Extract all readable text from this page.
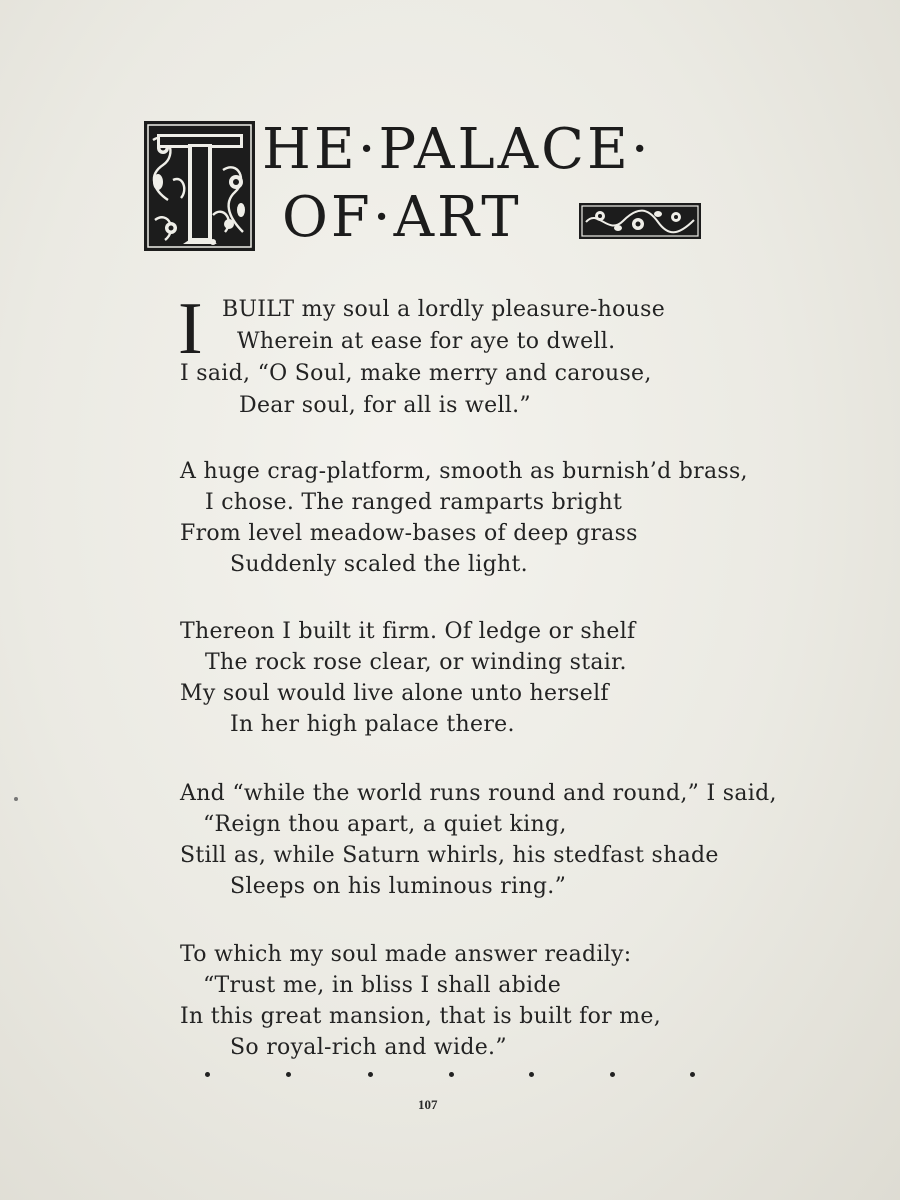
HE·PALACE·
OF·ART
I BUILT my soul a lordly pleasure-house
Wherein at ease for aye to dwell.
I said, “O Soul, make merry and carouse,
Dear soul, for all is well.”
A huge crag-platform, smooth as burnish’d brass,
I chose. The ranged ramparts bright
From level meadow-bases of deep grass
Suddenly scaled the light.
Thereon I built it firm. Of ledge or shelf
The rock rose clear, or winding stair.
My soul would live alone unto herself
In her high palace there.
And “while the world runs round and round,” I said,
“Reign thou apart, a quiet king,
Still as, while Saturn whirls, his stedfast shade
Sleeps on his luminous ring.”
To which my soul made answer readily:
“Trust me, in bliss I shall abide
In this great mansion, that is built for me,
So royal-rich and wide.”
107
